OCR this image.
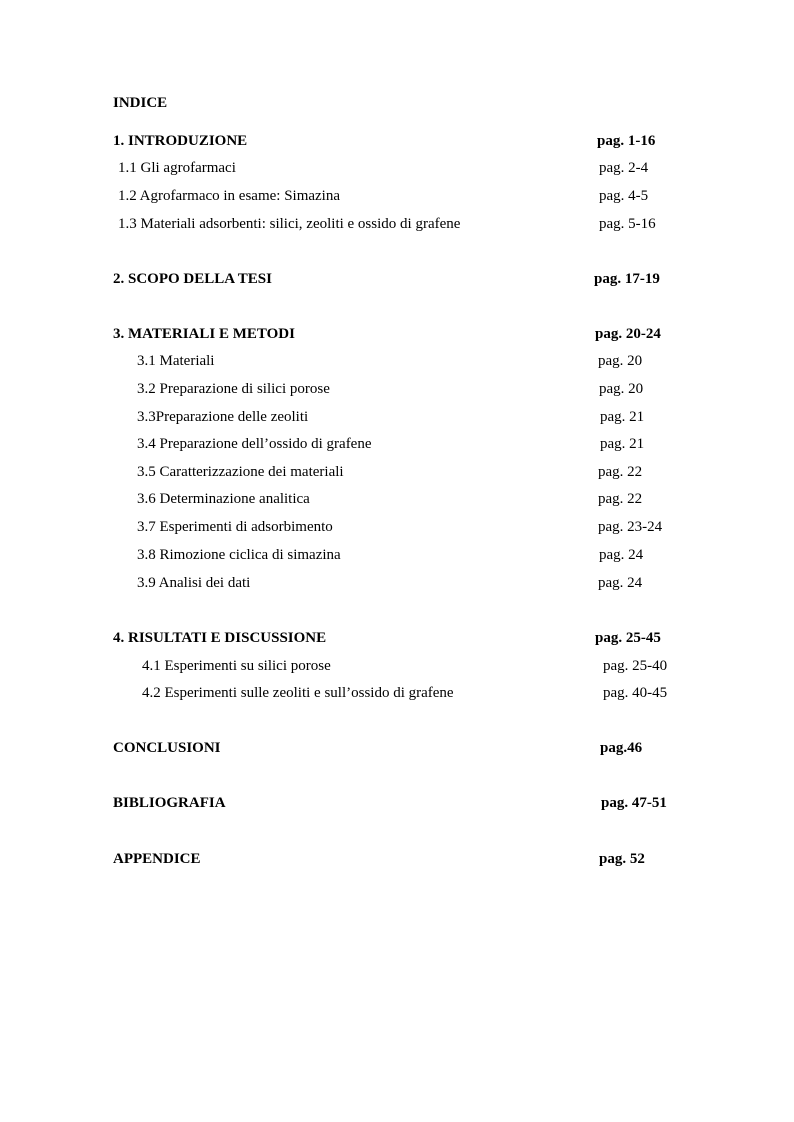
INDICE
1. INTRODUZIONE	pag. 1-16
1.1 Gli agrofarmaci	pag. 2-4
1.2 Agrofarmaco in esame: Simazina	pag. 4-5
1.3 Materiali adsorbenti: silici, zeoliti e ossido di grafene	pag. 5-16
2. SCOPO DELLA TESI	pag. 17-19
3. MATERIALI E METODI	pag. 20-24
3.1 Materiali	pag. 20
3.2 Preparazione di silici porose	pag. 20
3.3Preparazione delle zeoliti	pag. 21
3.4 Preparazione dell’ossido di grafene	pag. 21
3.5 Caratterizzazione dei materiali	pag. 22
3.6 Determinazione analitica	pag. 22
3.7 Esperimenti di adsorbimento	pag. 23-24
3.8 Rimozione ciclica di simazina	pag. 24
3.9 Analisi dei dati	pag. 24
4. RISULTATI E DISCUSSIONE	pag. 25-45
4.1 Esperimenti su silici porose	pag. 25-40
4.2 Esperimenti sulle zeoliti e sull’ossido di grafene	pag. 40-45
CONCLUSIONI	pag.46
BIBLIOGRAFIA	pag. 47-51
APPENDICE	pag. 52
